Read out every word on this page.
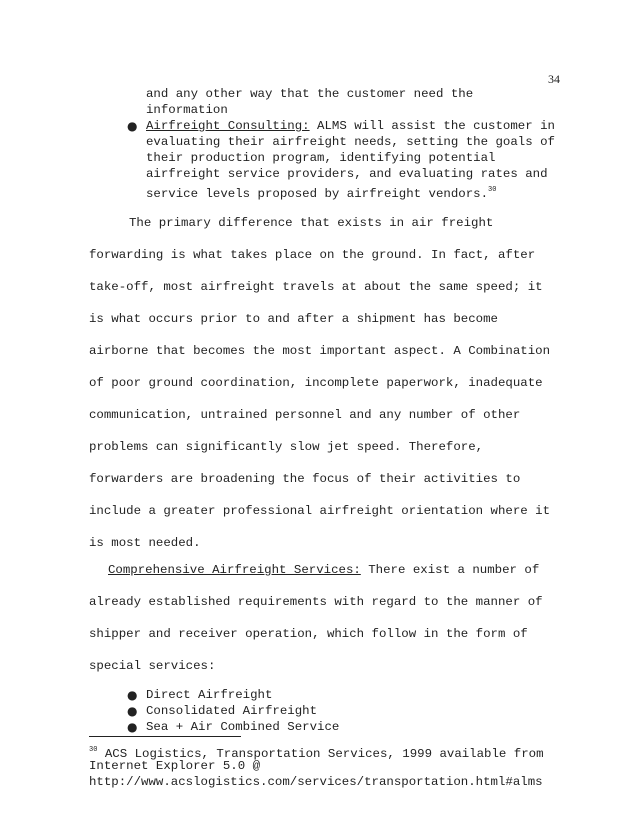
34
and any other way that the customer need the
information
● Airfreight Consulting: ALMS will assist the customer in
evaluating their airfreight needs, setting the goals of
their production program, identifying potential
airfreight service providers, and evaluating rates and
service levels proposed by airfreight vendors.$^{30}$
The primary difference that exists in air freight
forwarding is what takes place on the ground. In fact, after
take-off, most airfreight travels at about the same speed; it
is what occurs prior to and after a shipment has become
airborne that becomes the most important aspect. A Combination
of poor ground coordination, incomplete paperwork, inadequate
communication, untrained personnel and any number of other
problems can significantly slow jet speed. Therefore,
forwarders are broadening the focus of their activities to
include a greater professional airfreight orientation where it
is most needed.
Comprehensive Airfreight Services: There exist a number of
already established requirements with regard to the manner of
shipper and receiver operation, which follow in the form of
special services:
● Direct Airfreight
● Consolidated Airfreight
● Sea + Air Combined Service
$^{30}$ ACS Logistics, Transportation Services, 1999 available from
Internet Explorer 5.0 @
http://www.acslogistics.com/services/transportation.html#alms
